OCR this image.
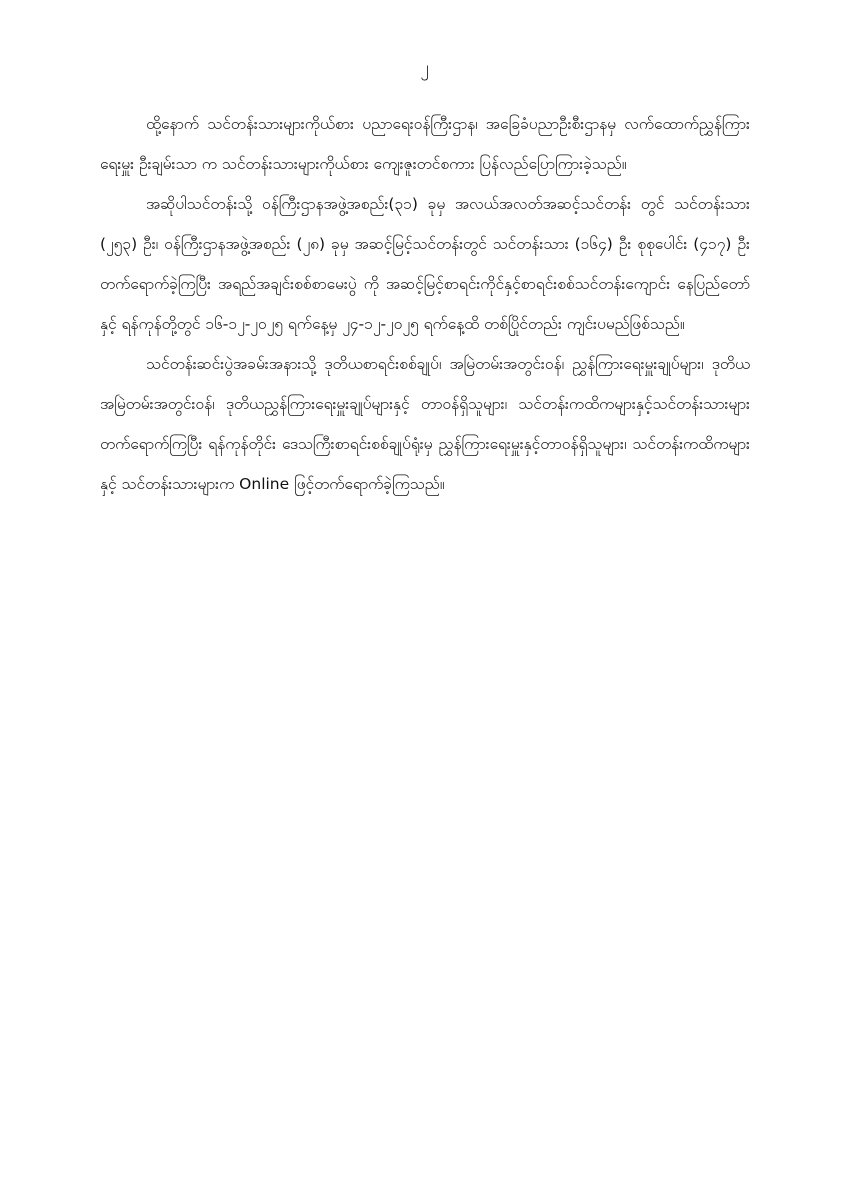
၂

ထို့နောက် သင်တန်းသားများကိုယ်စား ပညာရေးဝန်ကြီးဌာန၊ အခြေခံပညာဦးစီးဌာနမှ လက်ထောက်ညွှန်ကြားရေးမှူး ဦးချမ်းသာ က သင်တန်းသားများကိုယ်စား ကျေးဇူးတင်စကား ပြန်လည်ပြောကြားခဲ့သည်။

အဆိုပါသင်တန်းသို့ ဝန်ကြီးဌာနအဖွဲ့အစည်း(၃၁) ခုမှ အလယ်အလတ်အဆင့်သင်တန်း တွင် သင်တန်းသား (၂၅၃) ဦး၊ ဝန်ကြီးဌာနအဖွဲ့အစည်း (၂၈) ခုမှ အဆင့်မြင့်သင်တန်းတွင် သင်တန်းသား (၁၆၄) ဦး စုစုပေါင်း (၄၁၇) ဦး တက်ရောက်ခဲ့ကြပြီး အရည်အချင်းစစ်စာမေးပွဲ ကို အဆင့်မြင့်စာရင်းကိုင်နှင့်စာရင်းစစ်သင်တန်းကျောင်း နေပြည်တော်နှင့် ရန်ကုန်တို့တွင် ၁၆-၁၂-၂၀၂၅ ရက်နေ့မှ ၂၄-၁၂-၂၀၂၅ ရက်နေ့ထိ တစ်ပြိုင်တည်း ကျင်းပမည်ဖြစ်သည်။

သင်တန်းဆင်းပွဲအခမ်းအနားသို့ ဒုတိယစာရင်းစစ်ချုပ်၊ အမြဲတမ်းအတွင်းဝန်၊ ညွှန်ကြားရေးမှူးချုပ်များ၊ ဒုတိယအမြဲတမ်းအတွင်းဝန်၊ ဒုတိယညွှန်ကြားရေးမှူးချုပ်များနှင့် တာဝန်ရှိသူများ၊ သင်တန်းကထိကများနှင့်သင်တန်းသားများတက်ရောက်ကြပြီး ရန်ကုန်တိုင်း ဒေသကြီးစာရင်းစစ်ချုပ်ရုံးမှ ညွှန်ကြားရေးမှူးနှင့်တာဝန်ရှိသူများ၊ သင်တန်းကထိကများနှင့် သင်တန်းသားများက Online ဖြင့်တက်ရောက်ခဲ့ကြသည်။
